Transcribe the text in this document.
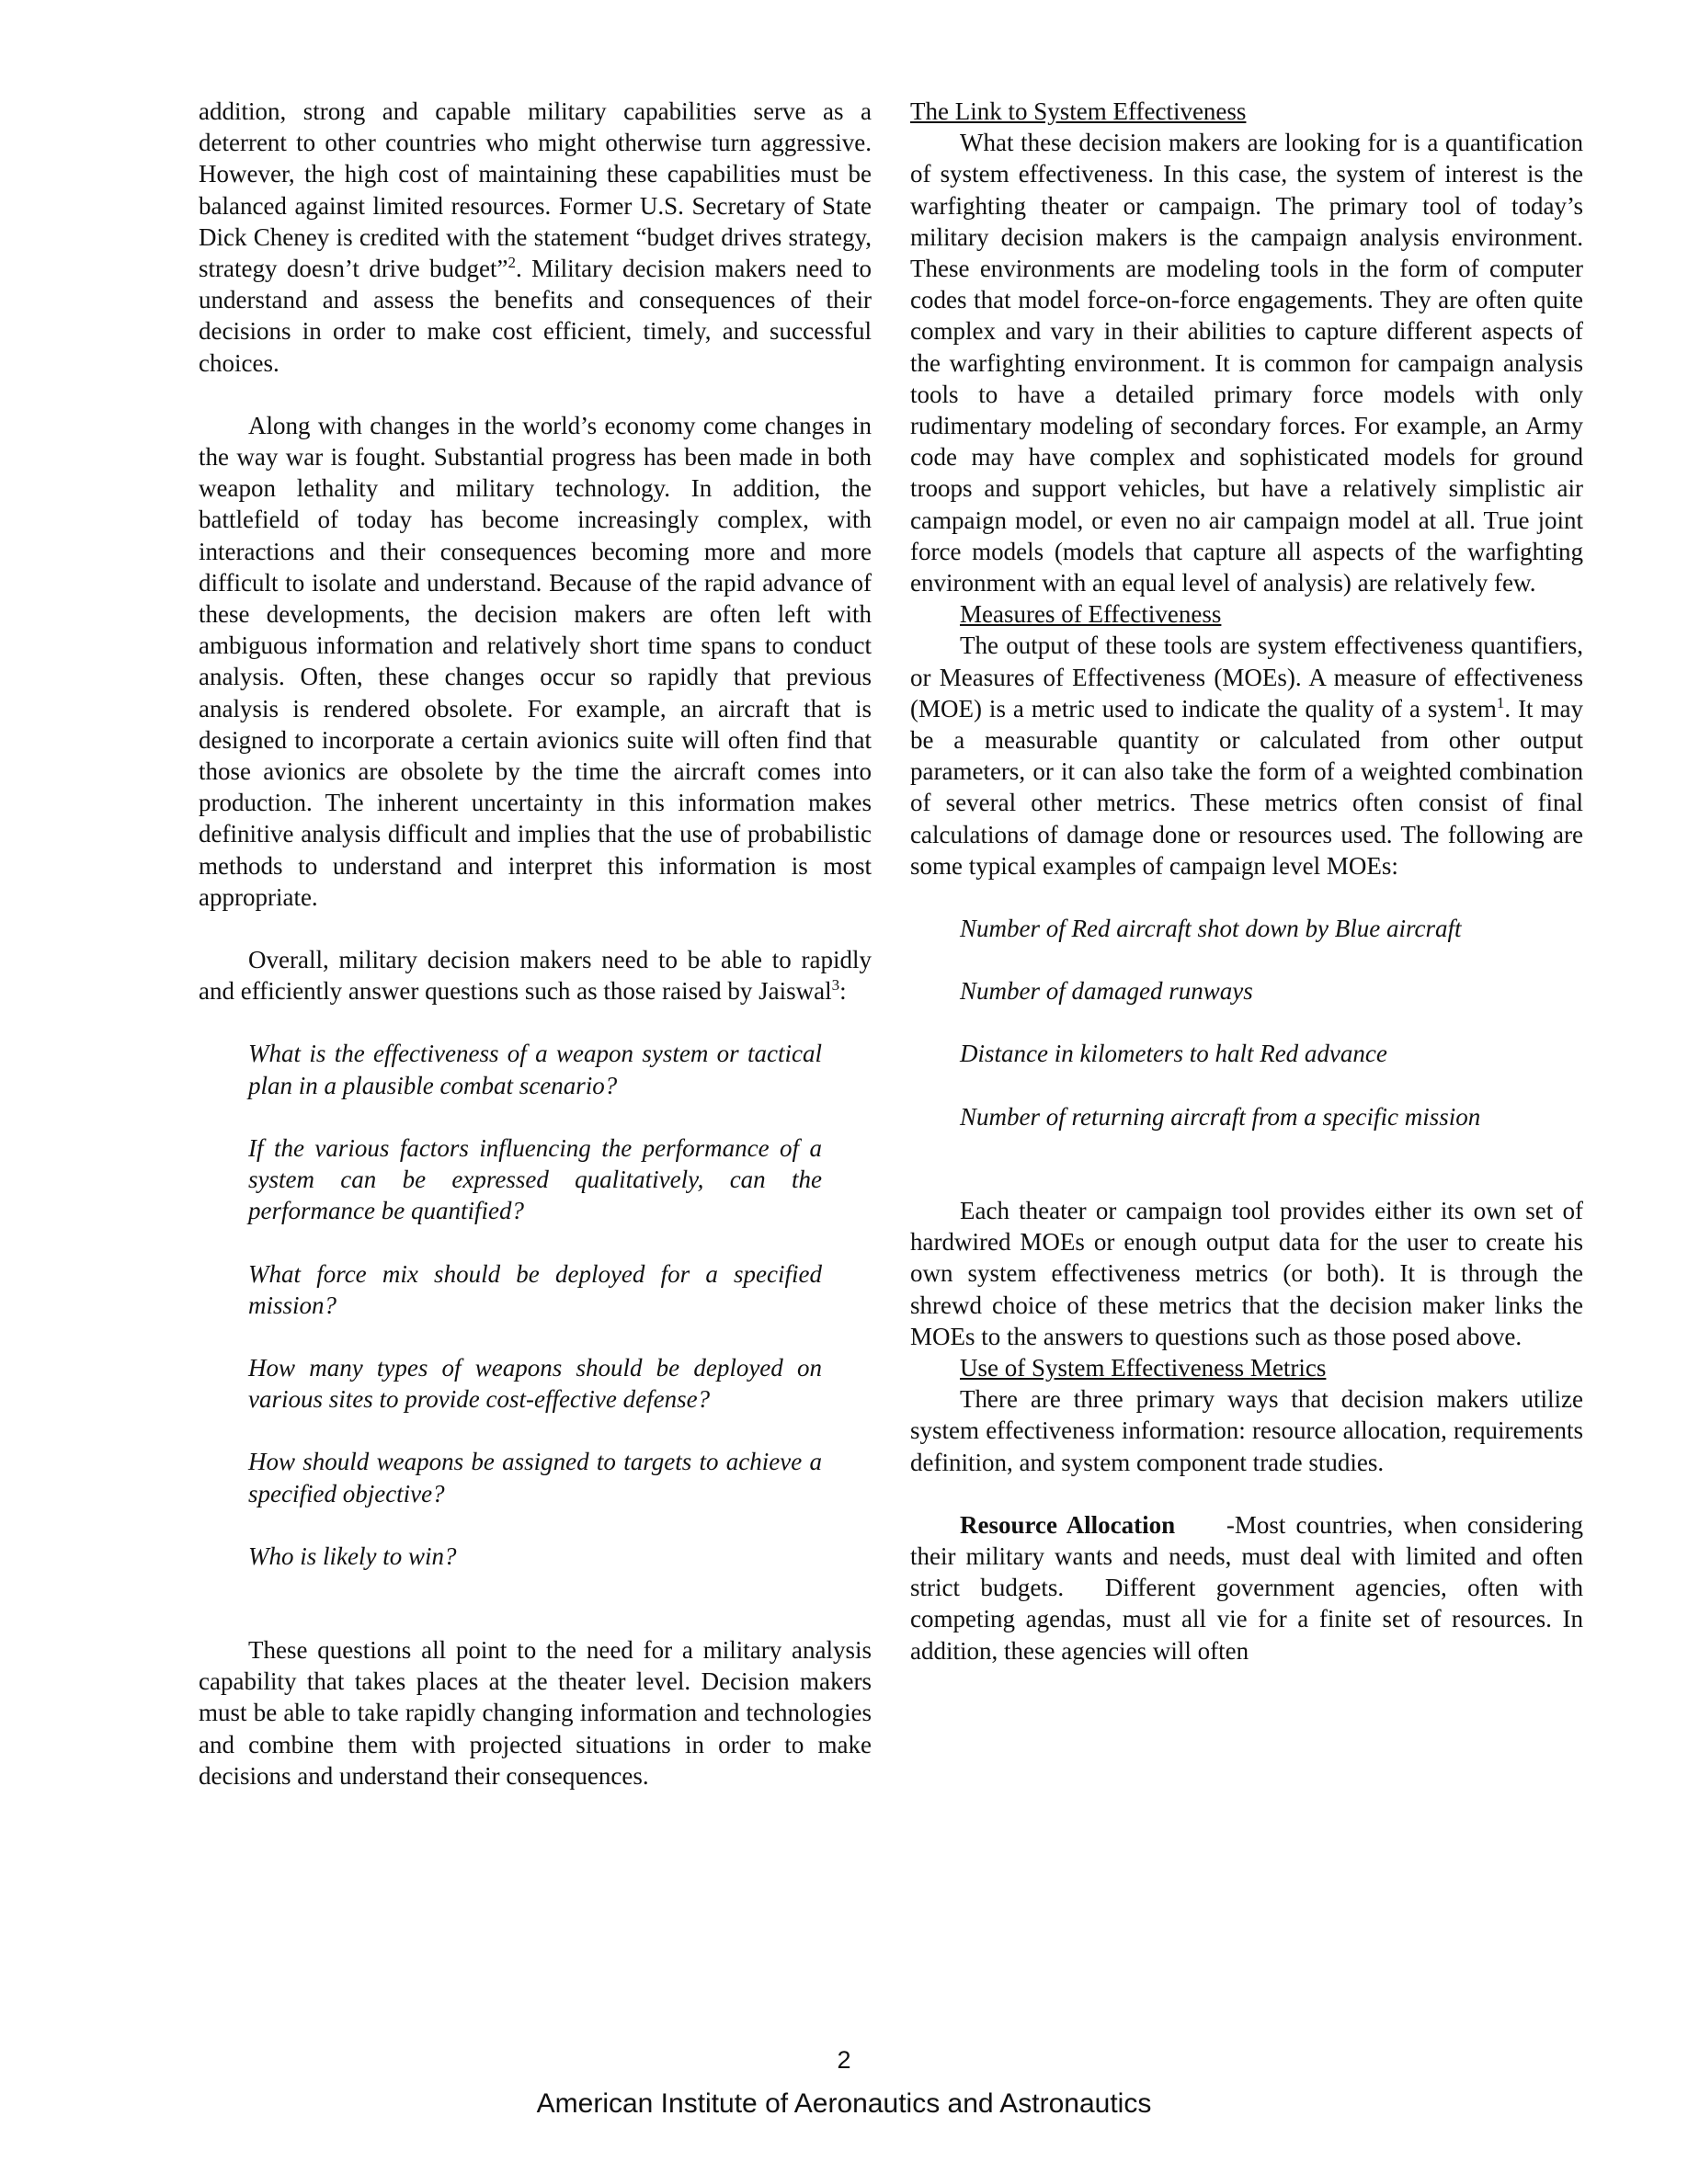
addition, strong and capable military capabilities serve as a deterrent to other countries who might otherwise turn aggressive. However, the high cost of maintaining these capabilities must be balanced against limited resources. Former U.S. Secretary of State Dick Cheney is credited with the statement “budget drives strategy, strategy doesn’t drive budget”$^2$. Military decision makers need to understand and assess the benefits and consequences of their decisions in order to make cost efficient, timely, and successful choices.

Along with changes in the world’s economy come changes in the way war is fought. Substantial progress has been made in both weapon lethality and military technology. In addition, the battlefield of today has become increasingly complex, with interactions and their consequences becoming more and more difficult to isolate and understand. Because of the rapid advance of these developments, the decision makers are often left with ambiguous information and relatively short time spans to conduct analysis. Often, these changes occur so rapidly that previous analysis is rendered obsolete. For example, an aircraft that is designed to incorporate a certain avionics suite will often find that those avionics are obsolete by the time the aircraft comes into production. The inherent uncertainty in this information makes definitive analysis difficult and implies that the use of probabilistic methods to understand and interpret this information is most appropriate.

Overall, military decision makers need to be able to rapidly and efficiently answer questions such as those raised by Jaiswal$^3$:

What is the effectiveness of a weapon system or tactical plan in a plausible combat scenario?

If the various factors influencing the performance of a system can be expressed qualitatively, can the performance be quantified?

What force mix should be deployed for a specified mission?

How many types of weapons should be deployed on various sites to provide cost-effective defense?

How should weapons be assigned to targets to achieve a specified objective?

Who is likely to win?

These questions all point to the need for a military analysis capability that takes places at the theater level. Decision makers must be able to take rapidly changing information and technologies and combine them with projected situations in order to make decisions and understand their consequences.

The Link to System Effectiveness

What these decision makers are looking for is a quantification of system effectiveness. In this case, the system of interest is the warfighting theater or campaign. The primary tool of today’s military decision makers is the campaign analysis environment. These environments are modeling tools in the form of computer codes that model force-on-force engagements. They are often quite complex and vary in their abilities to capture different aspects of the warfighting environment. It is common for campaign analysis tools to have a detailed primary force models with only rudimentary modeling of secondary forces. For example, an Army code may have complex and sophisticated models for ground troops and support vehicles, but have a relatively simplistic air campaign model, or even no air campaign model at all. True joint force models (models that capture all aspects of the warfighting environment with an equal level of analysis) are relatively few.

Measures of Effectiveness

The output of these tools are system effectiveness quantifiers, or Measures of Effectiveness (MOEs). A measure of effectiveness (MOE) is a metric used to indicate the quality of a system$^1$. It may be a measurable quantity or calculated from other output parameters, or it can also take the form of a weighted combination of several other metrics. These metrics often consist of final calculations of damage done or resources used. The following are some typical examples of campaign level MOEs:

Number of Red aircraft shot down by Blue aircraft

Number of damaged runways

Distance in kilometers to halt Red advance

Number of returning aircraft from a specific mission

Each theater or campaign tool provides either its own set of hardwired MOEs or enough output data for the user to create his own system effectiveness metrics (or both). It is through the shrewd choice of these metrics that the decision maker links the MOEs to the answers to questions such as those posed above.

Use of System Effectiveness Metrics

There are three primary ways that decision makers utilize system effectiveness information: resource allocation, requirements definition, and system component trade studies.

Resource Allocation     -Most countries, when considering their military wants and needs, must deal with limited and often strict budgets.  Different government agencies, often with competing agendas, must all vie for a finite set of resources. In addition, these agencies will often

2
American Institute of Aeronautics and Astronautics
